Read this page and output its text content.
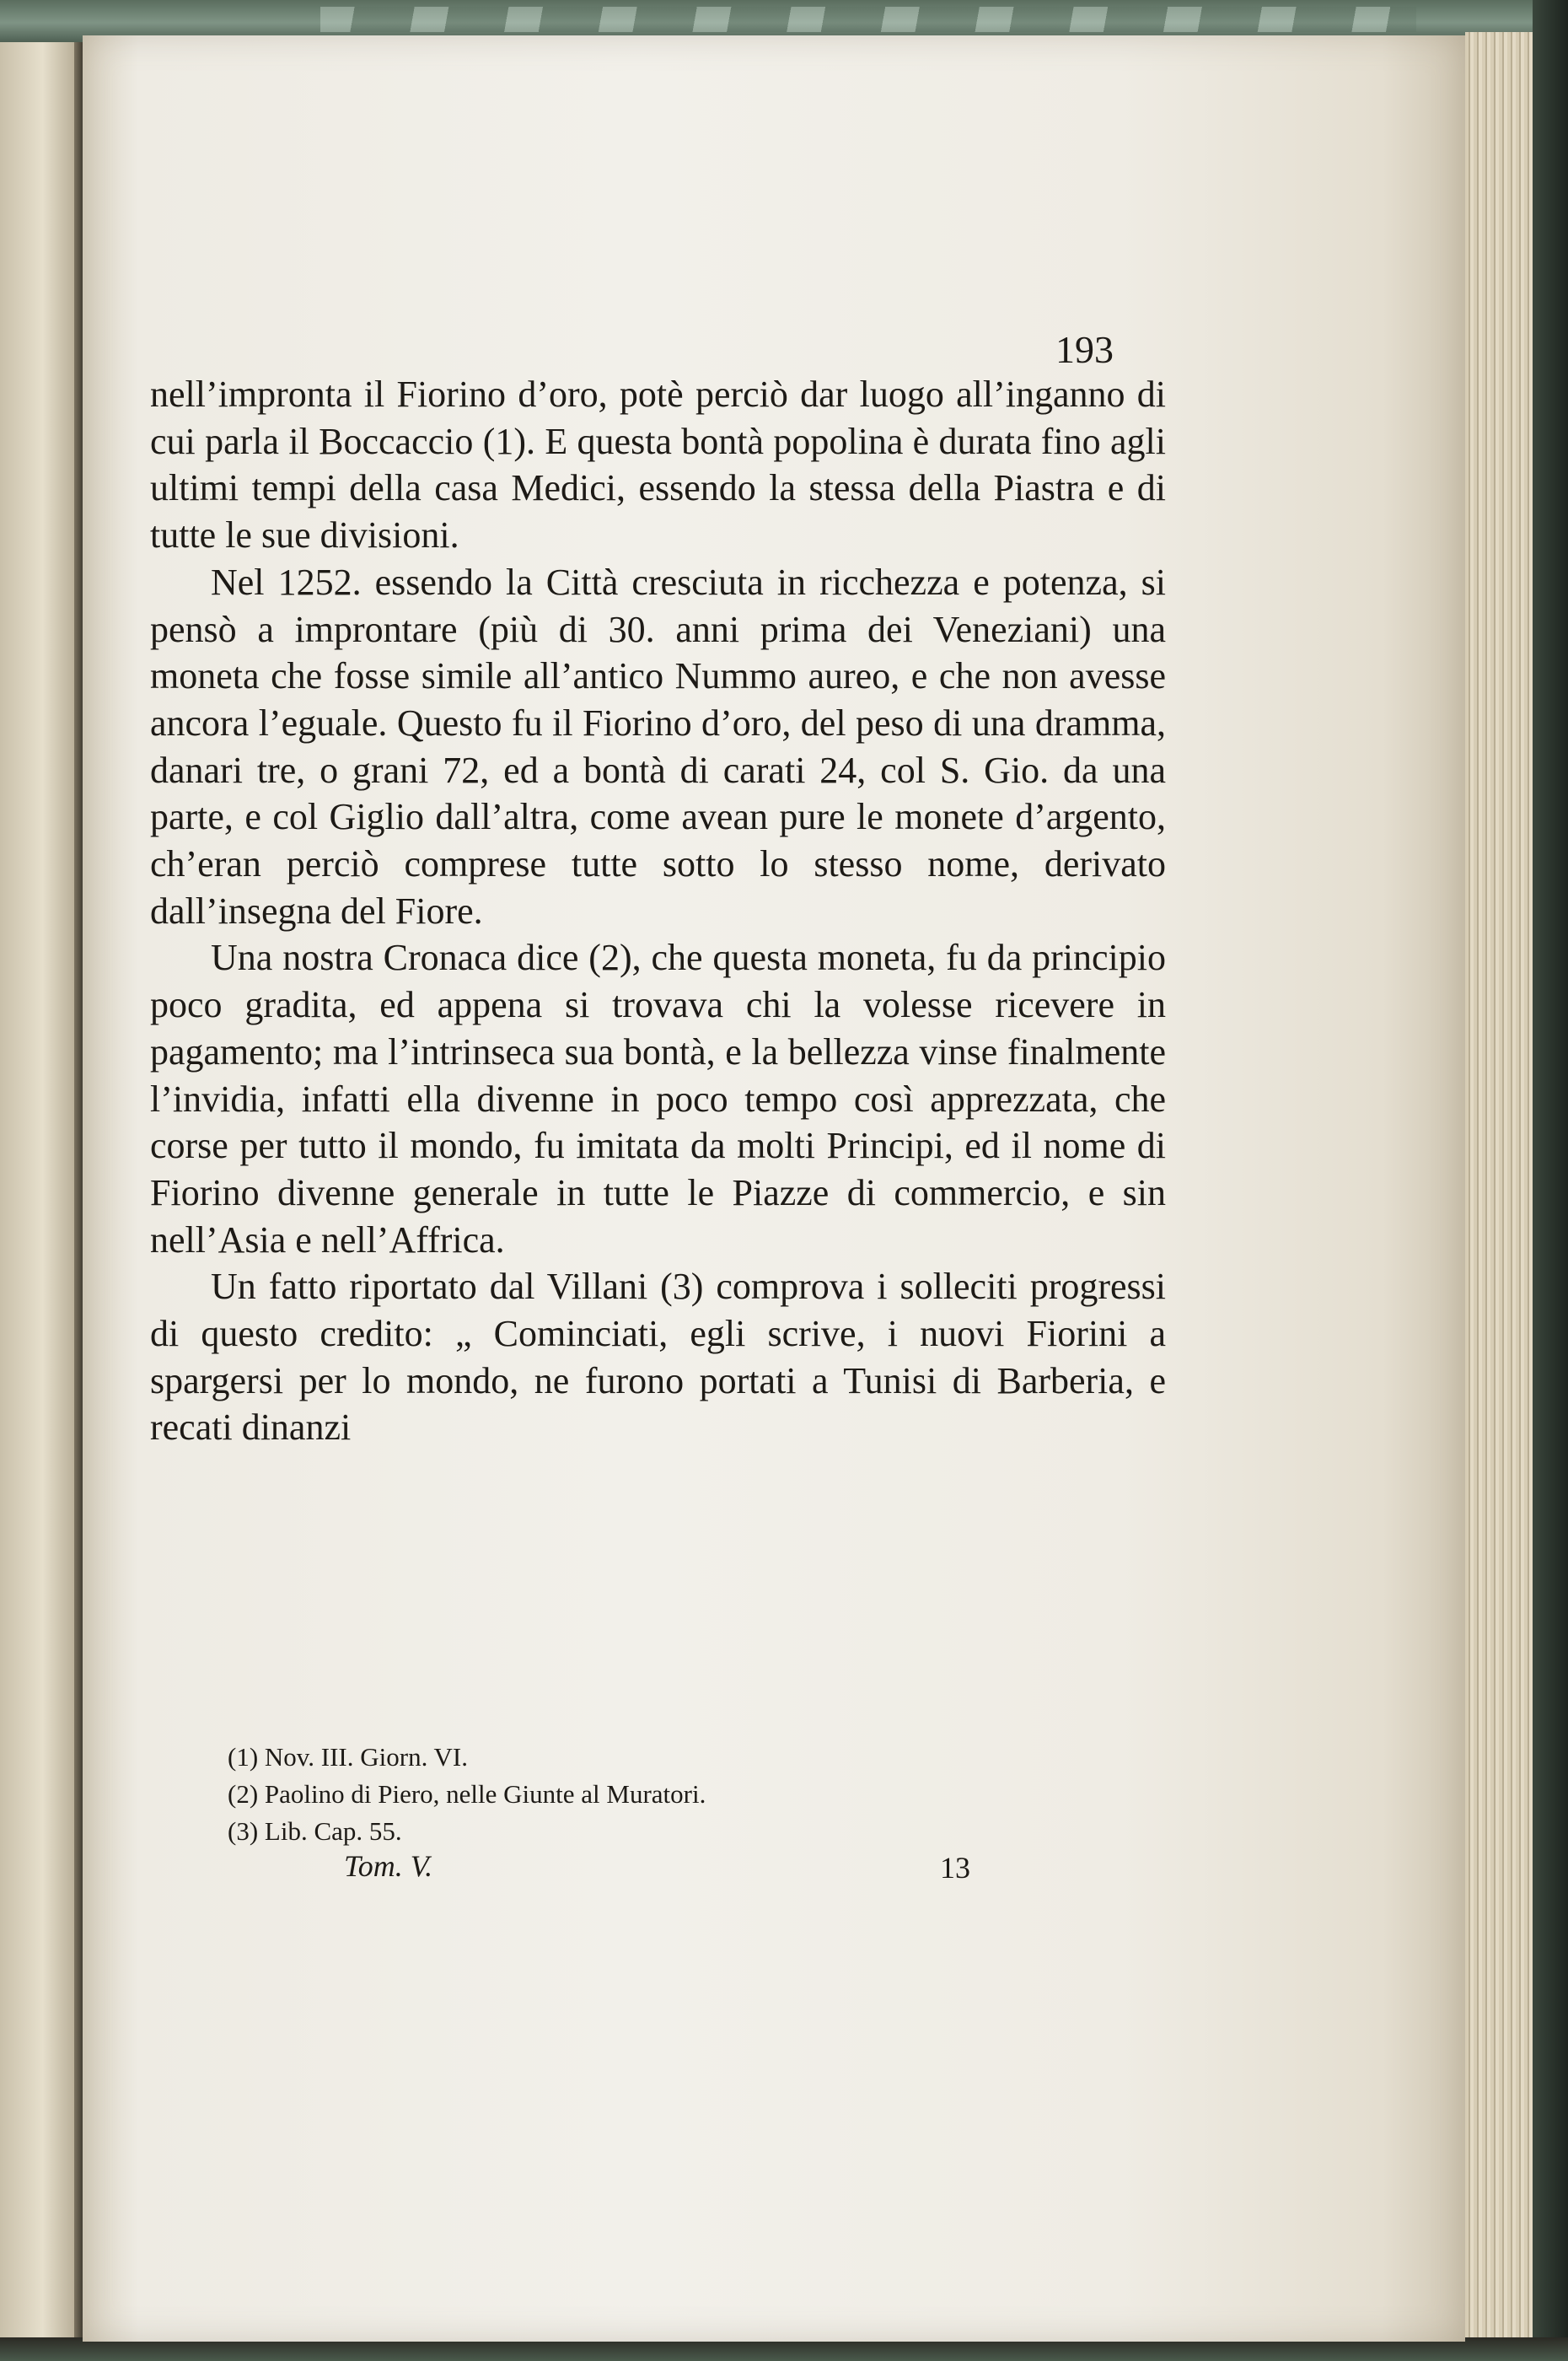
193

nell’impronta il Fiorino d’oro, potè perciò dar luogo all’inganno di cui parla il Boccaccio (1). E questa bontà popolina è durata fino agli ultimi tempi della casa Medici, essendo la stessa della Piastra e di tutte le sue divisioni.

Nel 1252. essendo la Città cresciuta in ricchezza e potenza, si pensò a improntare (più di 30. anni prima dei Veneziani) una moneta che fosse simile all’antico Nummo aureo, e che non avesse ancora l’eguale. Questo fu il Fiorino d’oro, del peso di una dramma, danari tre, o grani 72, ed a bontà di carati 24, col S. Gio. da una parte, e col Giglio dall’altra, come avean pure le monete d’argento, ch’eran perciò comprese tutte sotto lo stesso nome, derivato dall’insegna del Fiore.

Una nostra Cronaca dice (2), che questa moneta, fu da principio poco gradita, ed appena si trovava chi la volesse ricevere in pagamento; ma l’intrinseca sua bontà, e la bellezza vinse finalmente l’invidia, infatti ella divenne in poco tempo così apprezzata, che corse per tutto il mondo, fu imitata da molti Principi, ed il nome di Fiorino divenne generale in tutte le Piazze di commercio, e sin nell’Asia e nell’Affrica.

Un fatto riportato dal Villani (3) comprova i solleciti progressi di questo credito: „ Cominciati, egli scrive, i nuovi Fiorini a spargersi per lo mondo, ne furono portati a Tunisi di Barberia, e recati dinanzi

(1) Nov. III. Giorn. VI.
(2) Paolino di Piero, nelle Giunte al Muratori.
(3) Lib. Cap. 55.
Tom. V.	13
